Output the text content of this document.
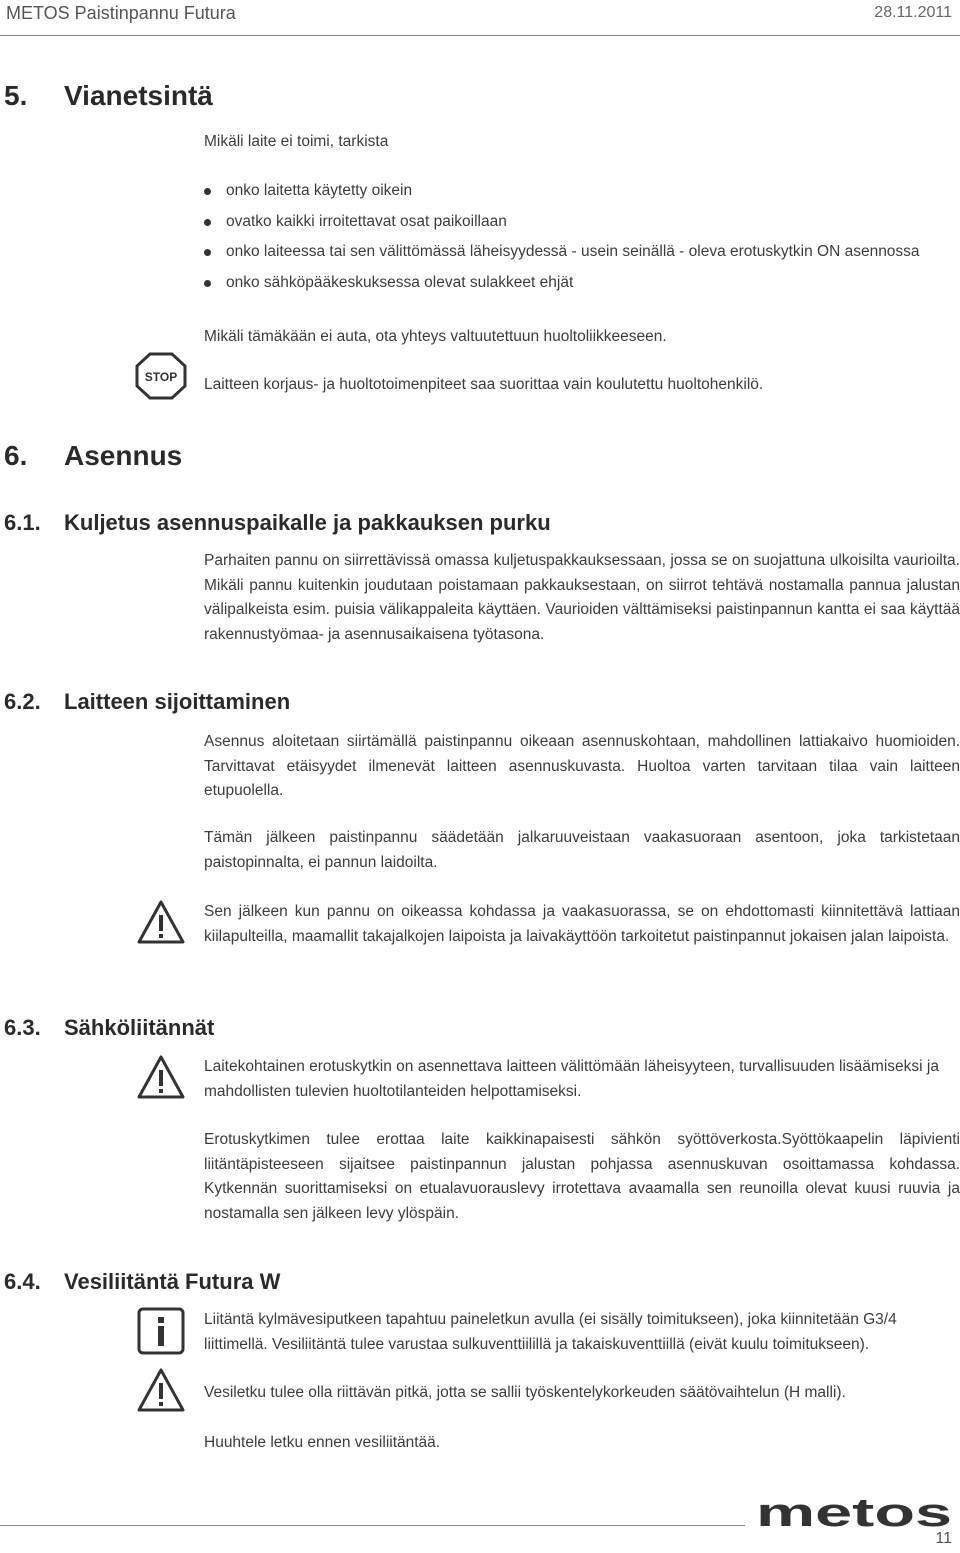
METOS Paistinpannu Futura	28.11.2011
5. Vianetsintä
Mikäli laite ei toimi, tarkista
onko laitetta käytetty oikein
ovatko kaikki irroitettavat osat paikoillaan
onko laiteessa tai sen välittömässä läheisyydessä - usein seinällä - oleva erotuskytkin ON asennossa
onko sähköpääkeskuksessa olevat sulakkeet ehjät
Mikäli tämäkään ei auta, ota yhteys valtuutettuun huoltoliikkeeseen.
STOP Laitteen korjaus- ja huoltotoimenpiteet saa suorittaa vain koulutettu huoltohenkilö.
6. Asennus
6.1. Kuljetus asennuspaikalle ja pakkauksen purku
Parhaiten pannu on siirrettävissä omassa kuljetuspakkauksessaan, jossa se on suojattuna ulkoisilta vaurioilta. Mikäli pannu kuitenkin joudutaan poistamaan pakkauksestaan, on siirrot tehtävä nostamalla pannua jalustan välipalkeista esim. puisia välikappaleita käyttäen. Vaurioiden välttämiseksi paistinpannun kantta ei saa käyttää rakennustyömaa- ja asennusaikaisena työtasona.
6.2. Laitteen sijoittaminen
Asennus aloitetaan siirtämällä paistinpannu oikeaan asennuskohtaan, mahdollinen lattiakaivo huomioiden. Tarvittavat etäisyydet ilmenevät laitteen asennuskuvasta. Huoltoa varten tarvitaan tilaa vain laitteen etupuolella.
Tämän jälkeen paistinpannu säädetään jalkaruuveistaan vaakasuoraan asentoon, joka tarkistetaan paistopinnalta, ei pannun laidoilta.
Sen jälkeen kun pannu on oikeassa kohdassa ja vaakasuorassa, se on ehdottomasti kiinnitettävä lattiaan kiilapulteilla, maamallit takajalkojen laipoista ja laivakäyttöön tarkoitetut paistinpannut jokaisen jalan laipoista.
6.3. Sähköliitännät
Laitekohtainen erotuskytkin on asennettava laitteen välittömään läheisyyteen, turvallisuuden lisäämiseksi ja mahdollisten tulevien huoltotilanteiden helpottamiseksi.
Erotuskytkimen tulee erottaa laite kaikkinapaisesti sähkön syöttöverkosta.Syöttökaapelin läpivienti liitäntäpisteeseen sijaitsee paistinpannun jalustan pohjassa asennuskuvan osoittamassa kohdassa. Kytkennän suorittamiseksi on etualavuorauslevy irrotettava avaamalla sen reunoilla olevat kuusi ruuvia ja nostamalla sen jälkeen levy ylöspäin.
6.4. Vesiliitäntä Futura W
Liitäntä kylmävesiputkeen tapahtuu paineletkun avulla (ei sisälly toimitukseen), joka kiinnitetään G3/4 liittimellä. Vesiliitäntä tulee varustaa sulkuventtiilillä ja takaiskuventtiillä (eivät kuulu toimitukseen).
Vesiletku tulee olla riittävän pitkä, jotta se sallii työskentelykorkeuden säätövaihtelun (H malli).
Huuhtele letku ennen vesiliitäntää.
metos
11
